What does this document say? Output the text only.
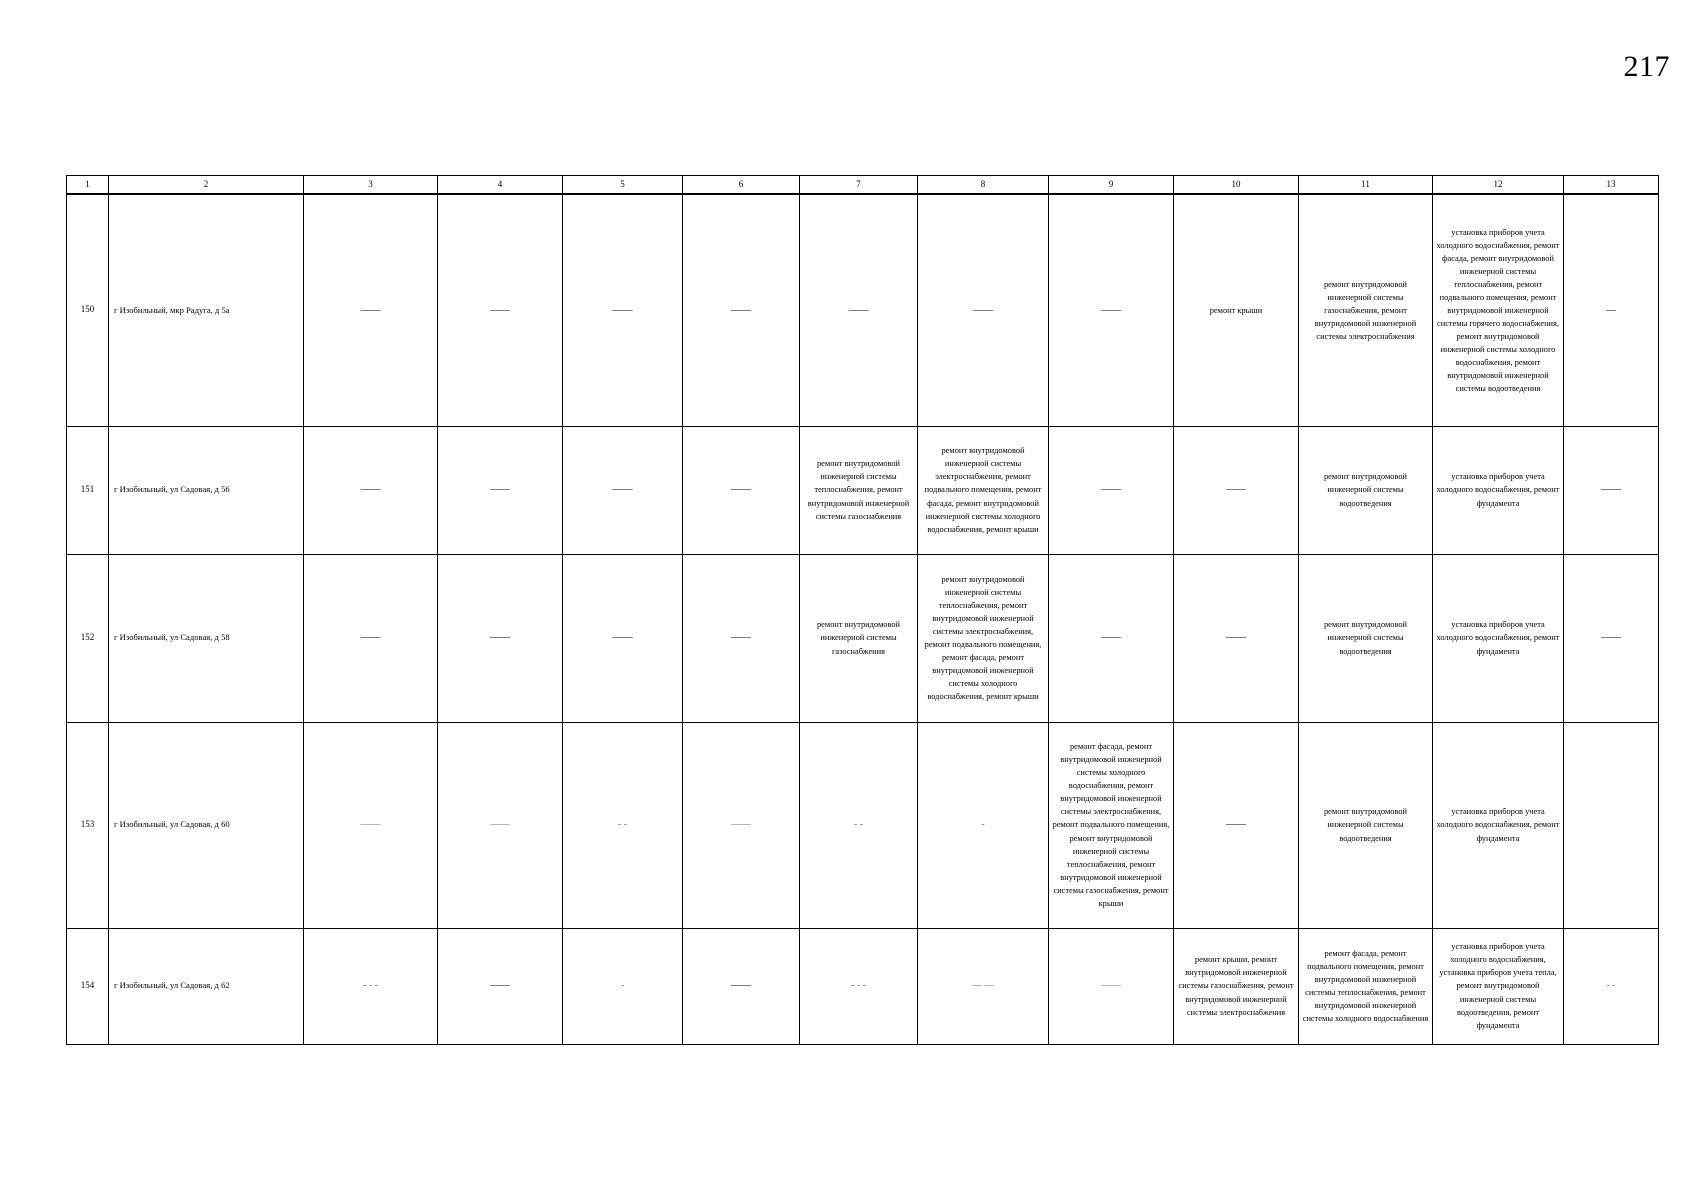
217
1	2	3	4	5	6	7	8	9	10	11	12	13
150	г Изобильный, мкр Радуга, д 5а	——	——	——	——	——	——	——	ремонт крыши	ремонт внутридомовой инженерной системы газоснабжения, ремонт внутридомовой инженерной системы электроснабжения	установка приборов учета холодного водоснабжения, ремонт фасада, ремонт внутридомовой инженерной системы теплоснабжения, ремонт подвального помещения, ремонт внутридомовой инженерной системы горячего водоснабжения, ремонт внутридомовой инженерной системы холодного водоснабжения, ремонт внутридомовой инженерной системы водоотведения	—
151	г Изобильный, ул Садовая, д 56	——	——	——	——	ремонт внутридомовой инженерной системы теплоснабжения, ремонт внутридомовой инженерной системы газоснабжения	ремонт внутридомовой инженерной системы электроснабжения, ремонт подвального помещения, ремонт фасада, ремонт внутридомовой инженерной системы холодного водоснабжения, ремонт крыши	——	——	ремонт внутридомовой инженерной системы водоотведения	установка приборов учета холодного водоснабжения, ремонт фундамента	——
152	г Изобильный, ул Садовая, д 58	——	——	——	——	ремонт внутридомовой инженерной системы газоснабжения	ремонт внутридомовой инженерной системы теплоснабжения, ремонт внутридомовой инженерной системы электроснабжения, ремонт подвального помещения, ремонт фасада, ремонт внутридомовой инженерной системы холодного водоснабжения, ремонт крыши	——	——	ремонт внутридомовой инженерной системы водоотведения	установка приборов учета холодного водоснабжения, ремонт фундамента	——
153	г Изобильный, ул Садовая, д 60	——	——	- -	——	- -	-	ремонт фасада, ремонт внутридомовой инженерной системы холодного водоснабжения, ремонт внутридомовой инженерной системы электроснабжения, ремонт подвального помещения, ремонт внутридомовой инженерной системы теплоснабжения, ремонт внутридомовой инженерной системы газоснабжения, ремонт крыши	——	ремонт внутридомовой инженерной системы водоотведения	установка приборов учета холодного водоснабжения, ремонт фундамента	
154	г Изобильный, ул Садовая, д 62	- - -	——	-	——	- - -	— —	——	ремонт крыши, ремонт внутридомовой инженерной системы газоснабжения, ремонт внутридомовой инженерной системы электроснабжения	ремонт фасада, ремонт подвального помещения, ремонт внутридомовой инженерной системы теплоснабжения, ремонт внутридомовой инженерной системы холодного водоснабжения	установка приборов учета холодного водоснабжения, установка приборов учета тепла, ремонт внутридомовой инженерной системы водоотведения, ремонт фундамента	- -
